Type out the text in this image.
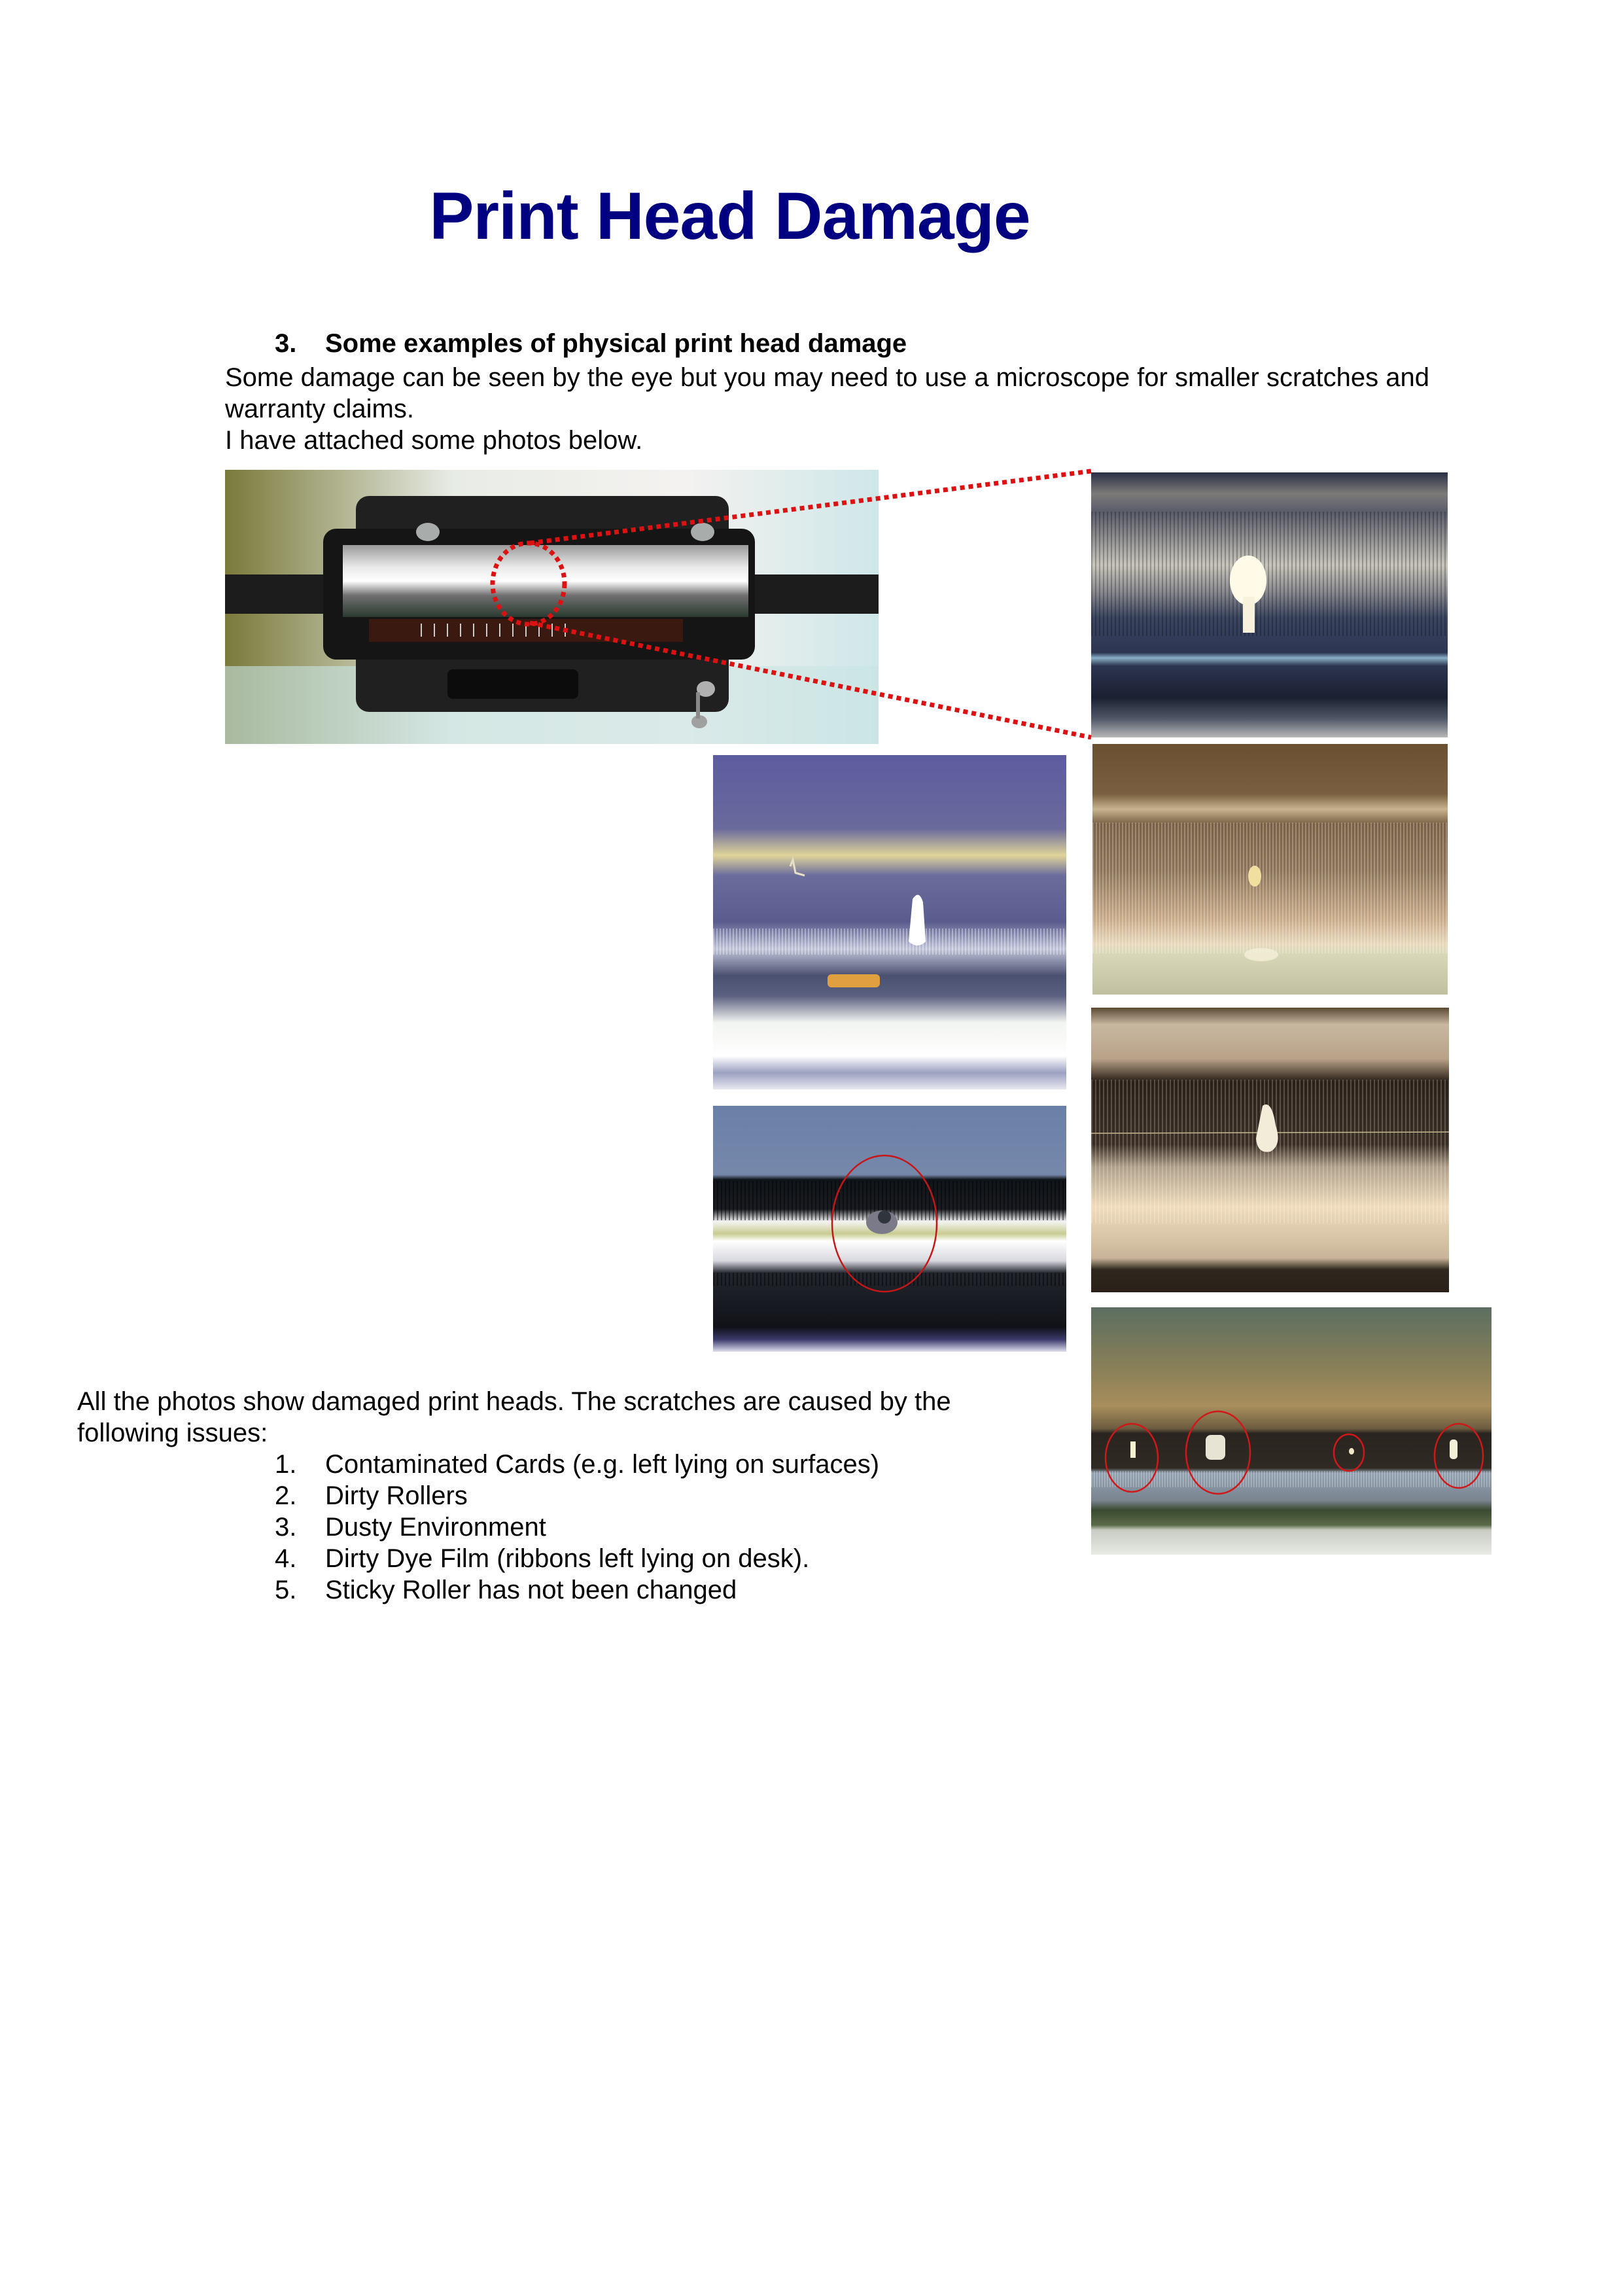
Print Head Damage
3. Some examples of physical print head damage

Some damage can be seen by the eye but you may need to use a microscope for smaller scratches and warranty claims.

I have attached some photos below.

All the photos show damaged print heads. The scratches are caused by the following issues:

1. Contaminated Cards (e.g. left lying on surfaces)
2. Dirty Rollers
3. Dusty Environment
4. Dirty Dye Film (ribbons left lying on desk).
5. Sticky Roller has not been changed
